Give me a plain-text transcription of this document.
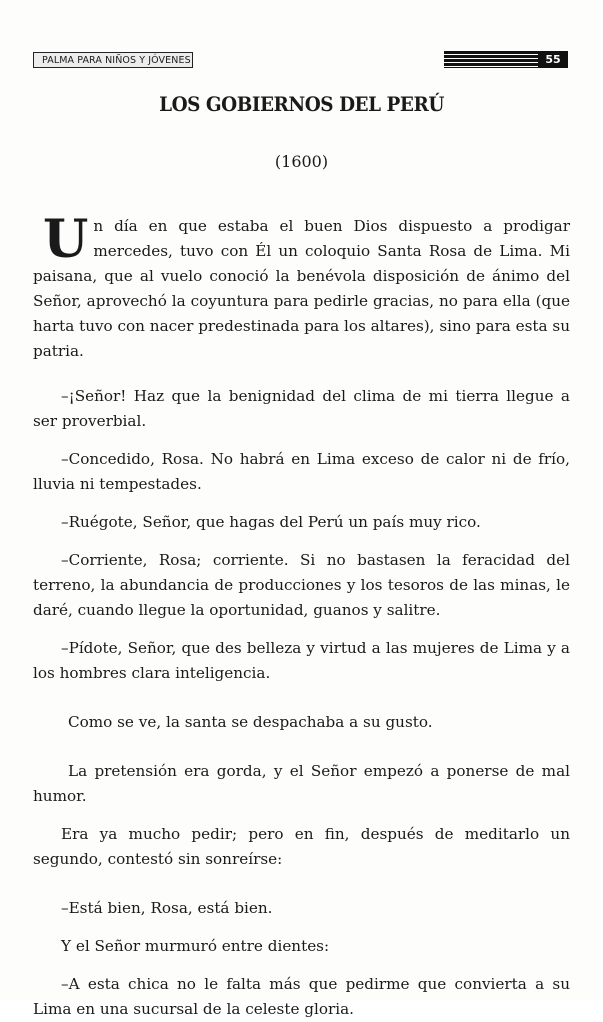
PALMA PARA NIÑOS Y JÓVENES	55
LOS GOBIERNOS DEL PERÚ
(1600)

Un día en que estaba el buen Dios dispuesto a prodigar mercedes, tuvo con Él un coloquio Santa Rosa de Lima. Mi paisana, que al vuelo conoció la benévola disposición de ánimo del Señor, aprovechó la coyuntura para pedirle gracias, no para ella (que harta tuvo con nacer predestinada para los altares), sino para esta su patria.

–¡Señor! Haz que la benignidad del clima de mi tierra llegue a ser proverbial.

–Concedido, Rosa. No habrá en Lima exceso de calor ni de frío, lluvia ni tempestades.

–Ruégote, Señor, que hagas del Perú un país muy rico.

–Corriente, Rosa; corriente. Si no bastasen la feracidad del terreno, la abundancia de producciones y los tesoros de las minas, le daré, cuando llegue la oportunidad, guanos y salitre.

–Pídote, Señor, que des belleza y virtud a las mujeres de Lima y a los hombres clara inteligencia.

Como se ve, la santa se despachaba a su gusto.

La pretensión era gorda, y el Señor empezó a ponerse de mal humor.

Era ya mucho pedir; pero en fin, después de meditarlo un segundo, contestó sin sonreírse:

–Está bien, Rosa, está bien.

Y el Señor murmuró entre dientes:

–A esta chica no le falta más que pedirme que convierta a su Lima en una sucursal de la celeste gloria.
